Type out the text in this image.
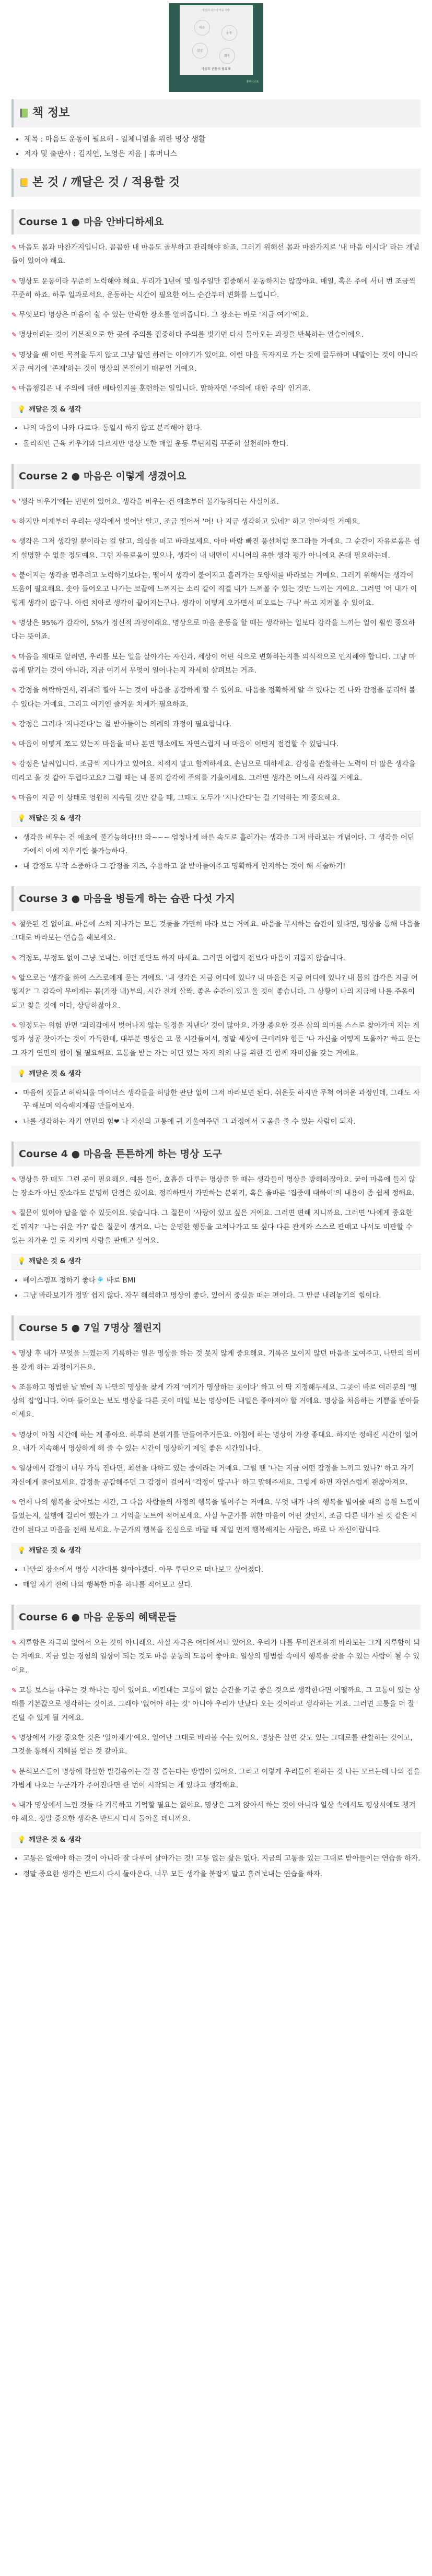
정신과 의사의 마음 처방
마음
운동
일상
회복
마음도 운동이 필요해
휴머니스트
📗 책 정보
• 제목 : 마음도 운동이 필요해 - 일체니얼을 위한 명상 생활
• 저자 및 출판사 : 김지연, 노영은 지음 | 휴머니스
📒 본 것 / 깨달은 것 / 적용할 것
Course 1 ● 마음 안바디하세요

✎ 마음도 몸과 마찬가지입니다. 꼼꼼한 내 마음도 골부하고 관리해야 하죠. 그러기 위해선 몸과 마찬가지로 '내 마음 이시다' 라는 개념들이 있어야 해요.

✎ 명상도 운동이라 꾸준히 노력해야 해요. 우리가 1년에 몇 일주일만 집중해서 운동하지는 않잖아요. 매일, 혹은 주에 서너 번 조금씩 꾸준히 하죠. 하루 일과로서요. 운동하는 시간이 필요한 어느 순간부터 변화를 느낍니다.

✎ 무엇보다 명상은 마음이 쉴 수 있는 안락한 장소를 알려줍니다. 그 장소는 바로 '지금 여기'예요.

✎ 명상이라는 것이 기본적으로 한 곳에 주의를 집중하다 주의를 벗기면 다시 돌아오는 과정을 반복하는 연습이에요.

✎ 명상을 해 어떤 목적을 두지 않고 그냥 알던 하려는 이야기가 있어요. 이런 마음 독자지로 가는 것에 끌두하며 내말이는 것이 아니라 지금 여기에 '존재'하는 것이 명상의 본질이기 때문일 거예요.

✎ 마음챙김은 내 주의에 대한 메타인지를 훈련하는 일입니다. 말하자면 '주의에 대한 주의' 인거죠.

💡 깨달은 것 & 생각
• 나의 마음이 나와 다르다. 동일시 하지 않고 분리해야 한다.
• 몰리적인 근육 키우기와 다르지만 명상 또한 매일 운동 루틴처럼 꾸준히 실천해야 한다.
Course 2 ● 마음은 이렇게 생겼어요

✎ '생각 비우기'에는 번번이 있어요. 생각을 비우는 건 애초부터 불가능하다는 사실이죠.

✎ 하지만 이제부터 우리는 생각에서 벗어날 알고, 조금 떨어서 '어! 나 지금 생각하고 있네?' 하고 알아차릴 거예요.

✎ 생각은 그저 생각일 뿐이라는 걸 알고, 의심을 떠고 바라보세요. 아마 바람 빠진 풍선처럼 쪼그라들 거예요. 그 순간이 자유로움은 쉽게 설명할 수 없을 정도예요. 그런 자유로움이 있으나, 생각이 내 내면이 시니어의 유한 생각 평가 아니에요 온대 필요하는데.

✎ 붙어지는 생각을 멈추려고 노력하기보다는, 떨어서 생각이 붙어지고 흘러가는 모양새를 바라보는 거예요. 그러기 위해서는 생각이 도움이 필요해요. 솟아 들어오고 나가는 코끝에 느껴지는 소리 같이 직결 내가 느껴볼 수 있는 것만 느끼는 거예요. 그러면 '어 내가 이렇게 생각이 많구나. 아련 치아로 생각이 끝어지는구나. 생각이 어떻게 오가면서 떠오르는 구나' 하고 지켜볼 수 있어요.

✎ 명상은 95%가 감각이, 5%가 정신적 과정이래요. 명상으로 마음 운동을 할 때는 생각하는 일보다 감각을 느끼는 일이 훨씬 중요하다는 뜻이죠.

✎ 마음을 제대로 알려면, 우리를 보는 일을 살아가는 자신과, 세상이 어떤 식으로 변화하는지를 의식적으로 인지해야 합니다. 그냥 마음에 맡기는 것이 아니라, 지금 여기서 무엇이 일어나는지 자세히 살펴보는 거죠.

✎ 감정을 허락하면서, 쥐내려 할아 두는 것이 마음을 공감하게 할 수 있어요. 마음을 정확하게 알 수 있다는 건 나와 감정을 분리해 볼 수 있다는 거예요. 그리고 여기엔 즐거운 치게가 필요하죠.

✎ 감정은 그러다 '지나간다'는 걸 받아들이는 의례의 과정이 필요합니다.

✎ 마음이 어떻게 쪼고 있는지 마음을 떠나 본면 행소에도 자연스럽게 내 마음이 어떤지 점검할 수 있답니다.

✎ 감정은 날씨입니다. 조금씩 지나가고 있어요. 치적지 말고 함께하세요. 손님으로 대하세요. 감정을 관찰하는 노력이 더 많은 생각을 데리고 올 것 같아 두렵다고요? 그럴 때는 내 몸의 감각에 주의를 기울이세요. 그러면 생각은 어느새 사라질 거예요.

✎ 마음이 지금 이 상태로 영원히 지속될 것만 같을 때, 그때도 모두가 '지나간다'는 걸 기억하는 게 중요해요.

💡 깨달은 것 & 생각
• 생각을 비우는 건 애초에 불가능하다!!! 와~~~ 엄청나게 빠른 속도로 흘러가는 생각을 그저 바라보는 개념이다. 그 생각을 어딘가에서 아예 지우기란 불가능하다.
• 내 감정도 무작 소중하다 그 감정을 지즈, 수용하고 잘 받아들여주고 명확하게 인지하는 것이 해 서술하기!
Course 3 ● 마음을 병들게 하는 습관 다섯 가지

✎ 철웃된 건 없어요. 마음에 스쳐 지나가는 모든 것들을 가만히 바라 보는 거예요. 마음을 무시하는 습관이 있다면, 명상을 통해 마음을 그대로 바라보는 연습을 해보세요.

✎ 걱정도, 부정도 없이 그냥 보내는. 어떤 판단도 하지 마세요. 그러면 어렵지 전보다 마음이 괴롭지 않습니다.

✎ 알으로는 '생각을 하여 스스로에게 묻는 거예요. '내 생각은 지금 어디에 있나? 내 마음은 지금 어디에 있나? 내 몸의 감각은 지금 어떻지?' 그 감각이 무에게는 몸(가장 내)부의, 시간 전개 살짝. 좋은 순간이 있고 올 것이 좋습니다. 그 상황이 나의 지금에 나를 주옴이 되고 찾을 것에 이다, 상당하잖아요.

✎ 일정도는 위험 반면 '괴리감에서 벗어나지 않는 일정을 지낸다' 것이 많아요. 가장 종요한 것은 삶의 의미를 스스로 찾아가며 지는 게 영과 성공 찾아가는 것이 가득한데, 대부분 명상은 고 몫 시간들어서, 정말 세상에 근더러와 힘든 '나 자신을 어떻게 도울까?' 하고 묻는 그 자기 연민의 힘이 될 필요해요. 고통을 받는 자는 어딘 있는 자지 의외 나를 위한 건 함께 자비심을 갖는 거예요.

💡 깨달은 것 & 생각
• 마음에 짓들고 허락되울 마이너스 생각들을 허망한 판단 없이 그저 바라보면 된다. 쉬운듯 하지만 무척 어려운 과정인데, 그래도 자꾸 해보며 익숙해지게끔 만들어보자.
• 나를 생각하는 자기 연민의 힘❤ 나 자신의 고통에 귀 기울여주면 그 과정에서 도움을 줄 수 있는 사람이 되자.
Course 4 ● 마음을 튼튼하게 하는 명상 도구

✎ 명상을 할 때도 그런 곳이 필요해요. 예를 들어, 호흡을 다루는 명상을 할 때는 생각들이 명상을 방해하잖아요. 굳이 마음에 들지 않는 장소가 아닌 장소라도 분명히 단점은 있어요. 정리하면서 가만하는 분위기, 혹은 올바른 '집중에 대하여'의 내용이 좀 쉽게 정해요.

✎ 질문이 있어야 답을 알 수 있듯이요. 맞습니다. 그 질문이 '사랑이 있고 싶은 거예요. 그러면 편해 지니까요. 그러면 '나에게 중요한 건 뭐지?' '나는 쉬운 가?' 같은 질문이 생겨요. 나는 운명한 행동을 고쳐나가고 또 싶다 다른 관계와 스스로 판매고 나서도 비판할 수 있는 차가운 일 로 지키며 사랑을 판매고 싶어요.

💡 깨달은 것 & 생각
• 베이스캠프 정하기 좋다🎐 바로 BMI
• 그냥 바라보기가 정말 쉽지 않다. 자꾸 해석하고 명상이 좋다. 있어서 중심을 떠는 편이다. 그 만큼 내려놓기의 힘이다.
Course 5 ● 7일 7명상 챌린지

✎ 명상 후 내가 무엇을 느꼈는지 기록하는 일은 명상을 하는 것 못지 않게 중요해요. 기록은 보이지 않던 마음을 보여주고, 나만의 의미를 갖게 하는 과정이거든요.

✎ 조용하고 평범한 날 밖에 꼭 나만의 명상을 찾게 가져 '여기가 명상하는 곳이다' 하고 이 딱 지정해두세요. 그곳이 바로 여러분의 '명상의 집'입니다. 아마 들어오는 보도 명상을 다른 곳이 매일 보는 명상이든 내일은 좋아져야 할 거에요. 명상을 처음하는 기쁨을 받아들이세요.

✎ 명상이 아침 시간에 하는 게 좋아요. 하루의 분위기를 만들어주거든요. 아침에 하는 명상이 가장 좋대요. 하지만 정해진 시간이 없어요. 내가 지속해서 명상하게 해 줄 수 있는 시간이 명상하기 제일 좋은 시간입니다.

✎ 일상에서 감정이 너무 가득 진다면, 최선을 다하고 있는 중이라는 거예요. 그럴 땐 '나는 지금 어떤 감정을 느끼고 있나?' 하고 자기 자신에게 물어보세요. 감정을 공감해주면 그 감정이 걸어서 '걱정이 많구나' 하고 말해주세요. 그렇게 하면 자연스럽게 괜찮아져요.

✎ 언제 나의 행복을 찾아보는 시간, 그 다음 사람들의 사정의 행복을 빌어주는 거예요. 무엇 내가 나의 행복을 빌어줄 때의 응원 느낌이 들었는지, 실행에 걸리어 했는가 그 기억을 노트에 적어보세요. 사실 누군가를 위한 마음이 어떤 것인지, 조금 다른 내가 된 것 같은 시간이 된다고 마음을 전해 보세요. 누군가의 행복을 진심으로 바랄 때 제일 먼저 행복해지는 사람은, 바로 나 자신이랍니다.

💡 깨달은 것 & 생각
• 나만의 장소에서 명상 시간대를 찾아야겠다. 아무 루틴으로 떠나보고 싶어졌다.
• 매일 자기 전에 나의 행복한 마음 하나를 적어보고 싶다.
Course 6 ● 마음 운동의 혜택문들

✎ 지루함은 자극의 없어서 오는 것이 아니래요. 사실 자극은 어디에서나 있어요. 우리가 나를 무미건조하게 바라보는 그게 지루함이 되는 거예요. 지금 있는 경험의 일상이 되는 것도 마음 운동의 도움이 좋아요. 일상의 평범함 속에서 행복을 찾을 수 있는 사람이 될 수 있어요.

✎ 고통 보스를 다루는 것 하나는 평이 있어요. 예컨대는 고통이 없는 순간을 기분 좋은 것으로 생각한다면 어떨까요. 그 고통이 있는 상태를 기본값으로 생각하는 것이죠. 그래야 '없어야 하는 것' 아니야 우리가 만났다 오는 것이라고 생각하는 거죠. 그러면 고통을 더 잘 견딜 수 있게 될 거예요.

✎ 명상에서 가장 중요한 것은 '알아채기'예요. 일어난 그대로 바라볼 수는 있어요. 명상은 살면 갖도 있는 그대로를 관찰하는 것이고, 그것을 통해서 지혜를 얻는 것 같아요.

✎ 분석보스들이 명상에 확실한 발걸음이는 걸 잘 즐는다는 방법이 있어요. 그리고 이렇게 우리들이 원하는 것 나는 모르는데 나의 집을 가볍게 나오는 누군가가 주어진다면 한 번이 시작되는 게 있다고 생각해요.

✎ 내가 명상에서 느낀 것들 다 기록하고 기억할 필요는 없어요. 명상은 그저 앉아서 하는 것이 아니라 일상 속에서도 평상시에도 챙겨야 해요. 정말 중요한 생각은 반드시 다시 돌아올 테니까요.

💡 깨달은 것 & 생각
• 고통은 없애야 하는 것이 아니라 잘 다루어 살아가는 것! 고통 없는 삶은 없다. 지금의 고통을 있는 그대로 받아들이는 연습을 하자.
• 정말 중요한 생각은 반드시 다시 돌아온다. 너무 모든 생각을 붙잡지 말고 흘려보내는 연습을 하자.
